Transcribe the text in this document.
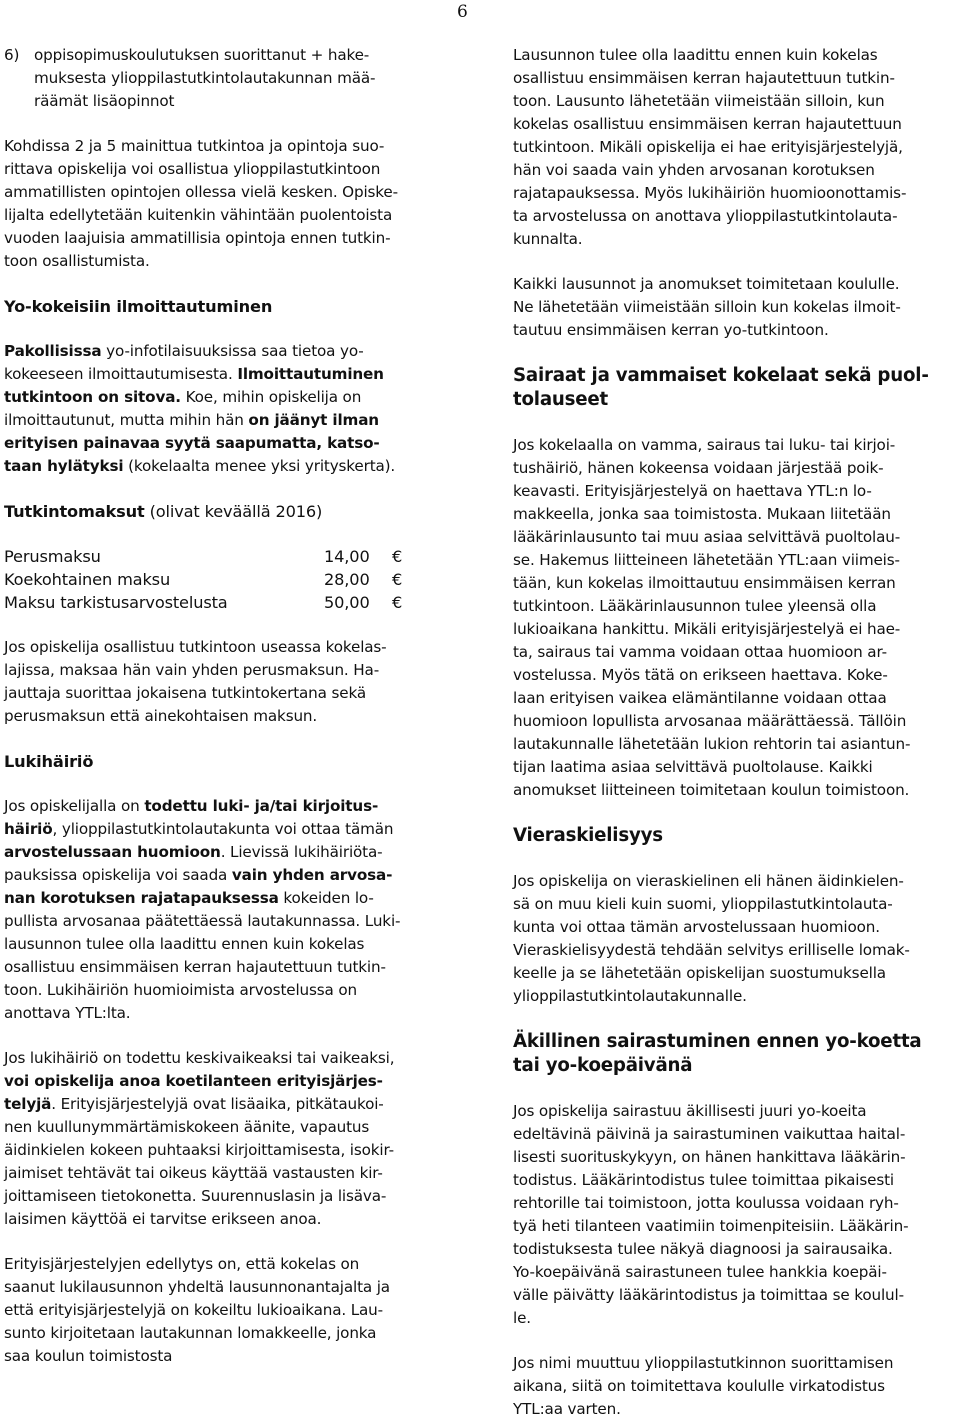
6
6) oppisopimuskoulutuksen suorittanut + hake-
muksesta ylioppilastutkintolautakunnan mää-
räämät lisäopinnot

Kohdissa 2 ja 5 mainittua tutkintoa ja opintoja suo-
rittava opiskelija voi osallistua ylioppilastutkintoon
ammatillisten opintojen ollessa vielä kesken. Opiske-
lijalta edellytetään kuitenkin vähintään puolentoista
vuoden laajuisia ammatillisia opintoja ennen tutkin-
toon osallistumista.

Yo-kokeisiin ilmoittautuminen

Pakollisissa yo-infotilaisuuksissa saa tietoa yo-
kokeeseen ilmoittautumisesta. Ilmoittautuminen
tutkintoon on sitova. Koe, mihin opiskelija on
ilmoittautunut, mutta mihin hän on jäänyt ilman
erityisen painavaa syytä saapumatta, katso-
taan hylätyksi (kokelaalta menee yksi yrityskerta).

Tutkintomaksut (olivat keväällä 2016)

Perusmaksu	14,00	€
Koekohtainen maksu	28,00	€
Maksu tarkistusarvostelusta	50,00	€

Jos opiskelija osallistuu tutkintoon useassa kokelas-
lajissa, maksaa hän vain yhden perusmaksun. Ha-
jauttaja suorittaa jokaisena tutkintokertana sekä
perusmaksun että ainekohtaisen maksun.

Lukihäiriö

Jos opiskelijalla on todettu luki- ja/tai kirjoitus-
häiriö, ylioppilastutkintolautakunta voi ottaa tämän
arvostelussaan huomioon. Lievissä lukihäiriöta-
pauksissa opiskelija voi saada vain yhden arvosa-
nan korotuksen rajatapauksessa kokeiden lo-
pullista arvosanaa päätettäessä lautakunnassa. Luki-
lausunnon tulee olla laadittu ennen kuin kokelas
osallistuu ensimmäisen kerran hajautettuun tutkin-
toon. Lukihäiriön huomioimista arvostelussa on
anottava YTL:lta.

Jos lukihäiriö on todettu keskivaikeaksi tai vaikeaksi,
voi opiskelija anoa koetilanteen erityisjärjes-
telyjä. Erityisjärjestelyjä ovat lisäaika, pitkätaukoi-
nen kuullunymmärtämiskokeen äänite, vapautus
äidinkielen kokeen puhtaaksi kirjoittamisesta, isokir-
jaimiset tehtävät tai oikeus käyttää vastausten kir-
joittamiseen tietokonetta. Suurennuslasin ja lisäva-
laisimen käyttöä ei tarvitse erikseen anoa.

Erityisjärjestelyjen edellytys on, että kokelas on
saanut lukilausunnon yhdeltä lausunnonantajalta ja
että erityisjärjestelyjä on kokeiltu lukioaikana. Lau-
sunto kirjoitetaan lautakunnan lomakkeelle, jonka
saa koulun toimistosta

Lausunnon tulee olla laadittu ennen kuin kokelas
osallistuu ensimmäisen kerran hajautettuun tutkin-
toon. Lausunto lähetetään viimeistään silloin, kun
kokelas osallistuu ensimmäisen kerran hajautettuun
tutkintoon. Mikäli opiskelija ei hae erityisjärjestelyjä,
hän voi saada vain yhden arvosanan korotuksen
rajatapauksessa. Myös lukihäiriön huomioonottamis-
ta arvostelussa on anottava ylioppilastutkintolauta-
kunnalta.

Kaikki lausunnot ja anomukset toimitetaan koululle.
Ne lähetetään viimeistään silloin kun kokelas ilmoit-
tautuu ensimmäisen kerran yo-tutkintoon.

Sairaat ja vammaiset kokelaat sekä puol-
tolauseet

Jos kokelaalla on vamma, sairaus tai luku- tai kirjoi-
tushäiriö, hänen kokeensa voidaan järjestää poik-
keavasti. Erityisjärjestelyä on haettava YTL:n lo-
makkeella, jonka saa toimistosta. Mukaan liitetään
lääkärinlausunto tai muu asiaa selvittävä puoltolau-
se. Hakemus liitteineen lähetetään YTL:aan viimeis-
tään, kun kokelas ilmoittautuu ensimmäisen kerran
tutkintoon. Lääkärinlausunnon tulee yleensä olla
lukioaikana hankittu. Mikäli erityisjärjestelyä ei hae-
ta, sairaus tai vamma voidaan ottaa huomioon ar-
vostelussa. Myös tätä on erikseen haettava. Koke-
laan erityisen vaikea elämäntilanne voidaan ottaa
huomioon lopullista arvosanaa määrättäessä. Tällöin
lautakunnalle lähetetään lukion rehtorin tai asiantun-
tijan laatima asiaa selvittävä puoltolause. Kaikki
anomukset liitteineen toimitetaan koulun toimistoon.

Vieraskielisyys

Jos opiskelija on vieraskielinen eli hänen äidinkielen-
sä on muu kieli kuin suomi, ylioppilastutkintolauta-
kunta voi ottaa tämän arvostelussaan huomioon.
Vieraskielisyydestä tehdään selvitys erilliselle lomak-
keelle ja se lähetetään opiskelijan suostumuksella
ylioppilastutkintolautakunnalle.

Äkillinen sairastuminen ennen yo-koetta
tai yo-koepäivänä

Jos opiskelija sairastuu äkillisesti juuri yo-koeita
edeltävinä päivinä ja sairastuminen vaikuttaa haital-
lisesti suorituskykyyn, on hänen hankittava lääkärin-
todistus. Lääkärintodistus tulee toimittaa pikaisesti
rehtorille tai toimistoon, jotta koulussa voidaan ryh-
tyä heti tilanteen vaatimiin toimenpiteisiin. Lääkärin-
todistuksesta tulee näkyä diagnoosi ja sairausaika.
Yo-koepäivänä sairastuneen tulee hankkia koepäi-
välle päivätty lääkärintodistus ja toimittaa se koulul-
le.

Jos nimi muuttuu ylioppilastutkinnon suorittamisen
aikana, siitä on toimitettava koululle virkatodistus
YTL:aa varten.
